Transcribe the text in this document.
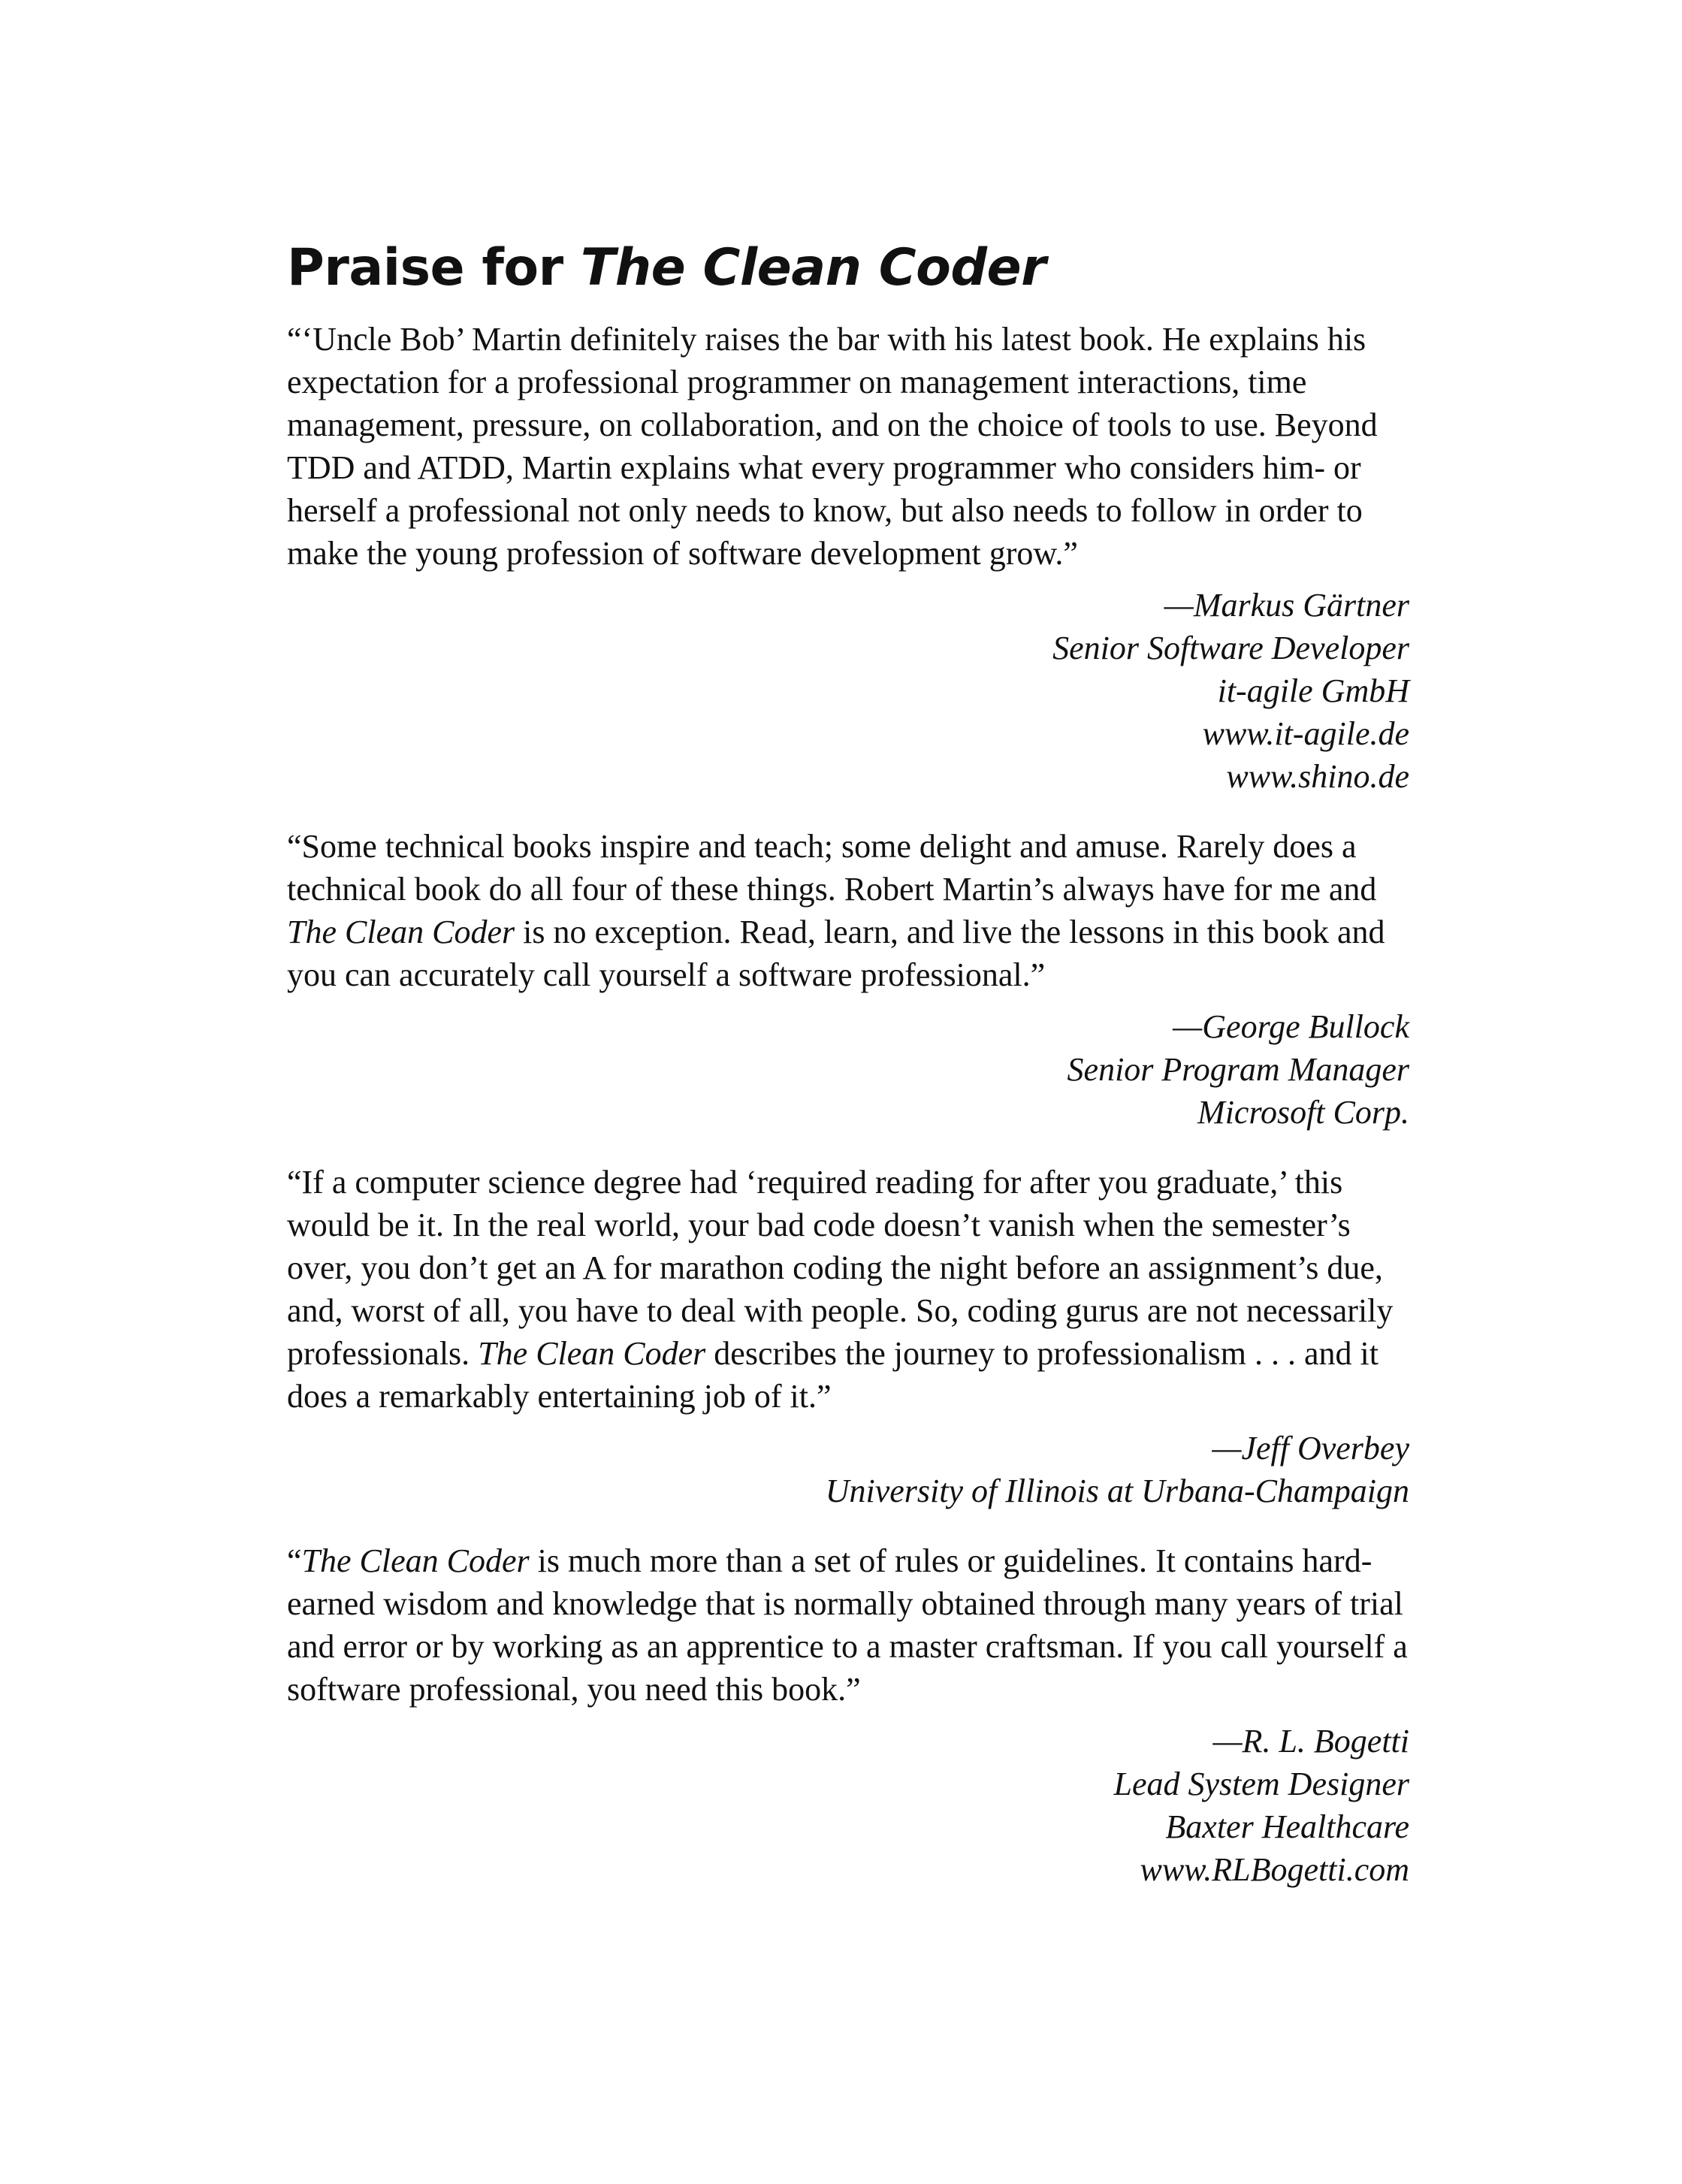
Praise for The Clean Coder

“‘Uncle Bob’ Martin definitely raises the bar with his latest book. He explains his expectation for a professional programmer on management interactions, time management, pressure, on collaboration, and on the choice of tools to use. Beyond TDD and ATDD, Martin explains what every programmer who considers him- or herself a professional not only needs to know, but also needs to follow in order to make the young profession of software development grow.”

—Markus Gärtner
Senior Software Developer
it-agile GmbH
www.it-agile.de
www.shino.de

“Some technical books inspire and teach; some delight and amuse. Rarely does a technical book do all four of these things. Robert Martin’s always have for me and The Clean Coder is no exception. Read, learn, and live the lessons in this book and you can accurately call yourself a software professional.”

—George Bullock
Senior Program Manager
Microsoft Corp.

“If a computer science degree had ‘required reading for after you graduate,’ this would be it. In the real world, your bad code doesn’t vanish when the semester’s over, you don’t get an A for marathon coding the night before an assignment’s due, and, worst of all, you have to deal with people. So, coding gurus are not necessarily professionals. The Clean Coder describes the journey to professionalism . . . and it does a remarkably entertaining job of it.”

—Jeff Overbey
University of Illinois at Urbana-Champaign

“The Clean Coder is much more than a set of rules or guidelines. It contains hard-earned wisdom and knowledge that is normally obtained through many years of trial and error or by working as an apprentice to a master craftsman. If you call yourself a software professional, you need this book.”

—R. L. Bogetti
Lead System Designer
Baxter Healthcare
www.RLBogetti.com
